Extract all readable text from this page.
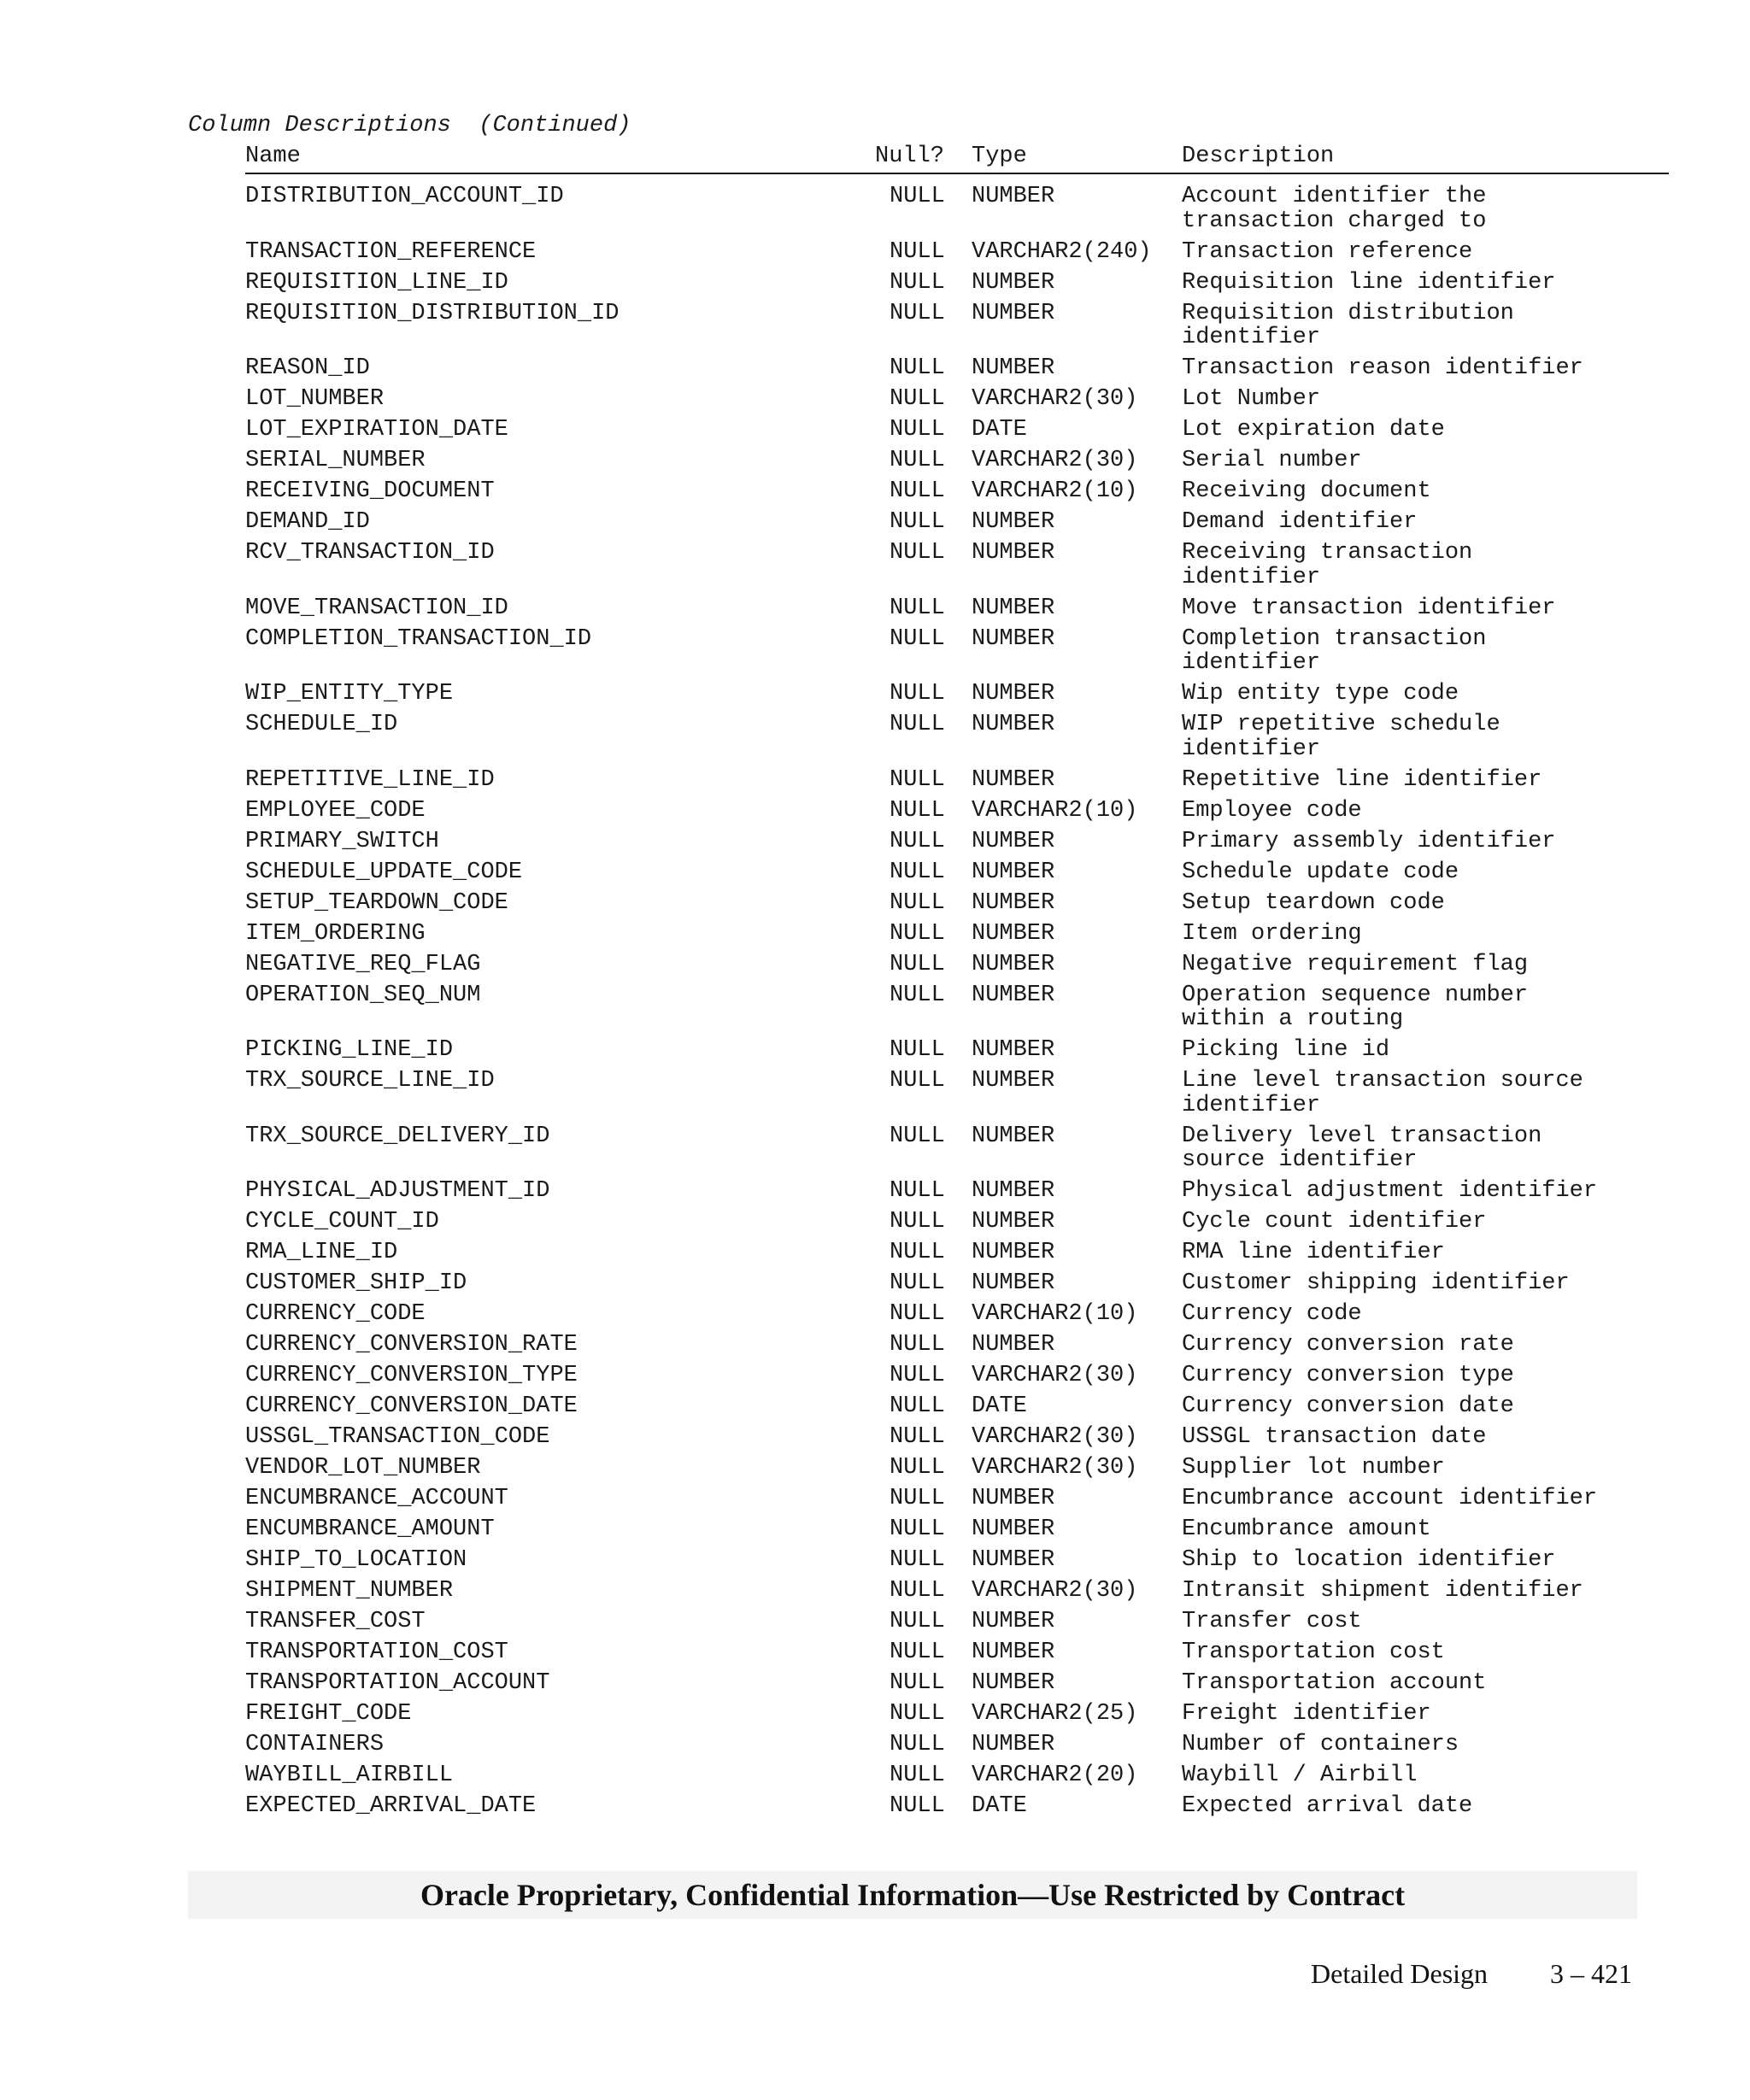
Column Descriptions  (Continued)
Name	Null? Type	Description
DISTRIBUTION_ACCOUNT_ID	NULL NUMBER	Account identifier the
transaction charged to
TRANSACTION_REFERENCE	NULL VARCHAR2(240) Transaction reference
REQUISITION_LINE_ID	NULL NUMBER	Requisition line identifier
REQUISITION_DISTRIBUTION_ID	NULL NUMBER	Requisition distribution
identifier
REASON_ID	NULL NUMBER	Transaction reason identifier
LOT_NUMBER	NULL VARCHAR2(30) Lot Number
LOT_EXPIRATION_DATE	NULL DATE	Lot expiration date
SERIAL_NUMBER	NULL VARCHAR2(30) Serial number
RECEIVING_DOCUMENT	NULL VARCHAR2(10) Receiving document
DEMAND_ID	NULL NUMBER	Demand identifier
RCV_TRANSACTION_ID	NULL NUMBER	Receiving transaction
identifier
MOVE_TRANSACTION_ID	NULL NUMBER	Move transaction identifier
COMPLETION_TRANSACTION_ID	NULL NUMBER	Completion transaction
identifier
WIP_ENTITY_TYPE	NULL NUMBER	Wip entity type code
SCHEDULE_ID	NULL NUMBER	WIP repetitive schedule
identifier
REPETITIVE_LINE_ID	NULL NUMBER	Repetitive line identifier
EMPLOYEE_CODE	NULL VARCHAR2(10) Employee code
PRIMARY_SWITCH	NULL NUMBER	Primary assembly identifier
SCHEDULE_UPDATE_CODE	NULL NUMBER	Schedule update code
SETUP_TEARDOWN_CODE	NULL NUMBER	Setup teardown code
ITEM_ORDERING	NULL NUMBER	Item ordering
NEGATIVE_REQ_FLAG	NULL NUMBER	Negative requirement flag
OPERATION_SEQ_NUM	NULL NUMBER	Operation sequence number
within a routing
PICKING_LINE_ID	NULL NUMBER	Picking line id
TRX_SOURCE_LINE_ID	NULL NUMBER	Line level transaction source
identifier
TRX_SOURCE_DELIVERY_ID	NULL NUMBER	Delivery level transaction
source identifier
PHYSICAL_ADJUSTMENT_ID	NULL NUMBER	Physical adjustment identifier
CYCLE_COUNT_ID	NULL NUMBER	Cycle count identifier
RMA_LINE_ID	NULL NUMBER	RMA line identifier
CUSTOMER_SHIP_ID	NULL NUMBER	Customer shipping identifier
CURRENCY_CODE	NULL VARCHAR2(10) Currency code
CURRENCY_CONVERSION_RATE	NULL NUMBER	Currency conversion rate
CURRENCY_CONVERSION_TYPE	NULL VARCHAR2(30) Currency conversion type
CURRENCY_CONVERSION_DATE	NULL DATE	Currency conversion date
USSGL_TRANSACTION_CODE	NULL VARCHAR2(30) USSGL transaction date
VENDOR_LOT_NUMBER	NULL VARCHAR2(30) Supplier lot number
ENCUMBRANCE_ACCOUNT	NULL NUMBER	Encumbrance account identifier
ENCUMBRANCE_AMOUNT	NULL NUMBER	Encumbrance amount
SHIP_TO_LOCATION	NULL NUMBER	Ship to location identifier
SHIPMENT_NUMBER	NULL VARCHAR2(30) Intransit shipment identifier
TRANSFER_COST	NULL NUMBER	Transfer cost
TRANSPORTATION_COST	NULL NUMBER	Transportation cost
TRANSPORTATION_ACCOUNT	NULL NUMBER	Transportation account
FREIGHT_CODE	NULL VARCHAR2(25) Freight identifier
CONTAINERS	NULL NUMBER	Number of containers
WAYBILL_AIRBILL	NULL VARCHAR2(20) Waybill / Airbill
EXPECTED_ARRIVAL_DATE	NULL DATE	Expected arrival date
Oracle Proprietary, Confidential Information––Use Restricted by Contract
Detailed Design 3 – 421
